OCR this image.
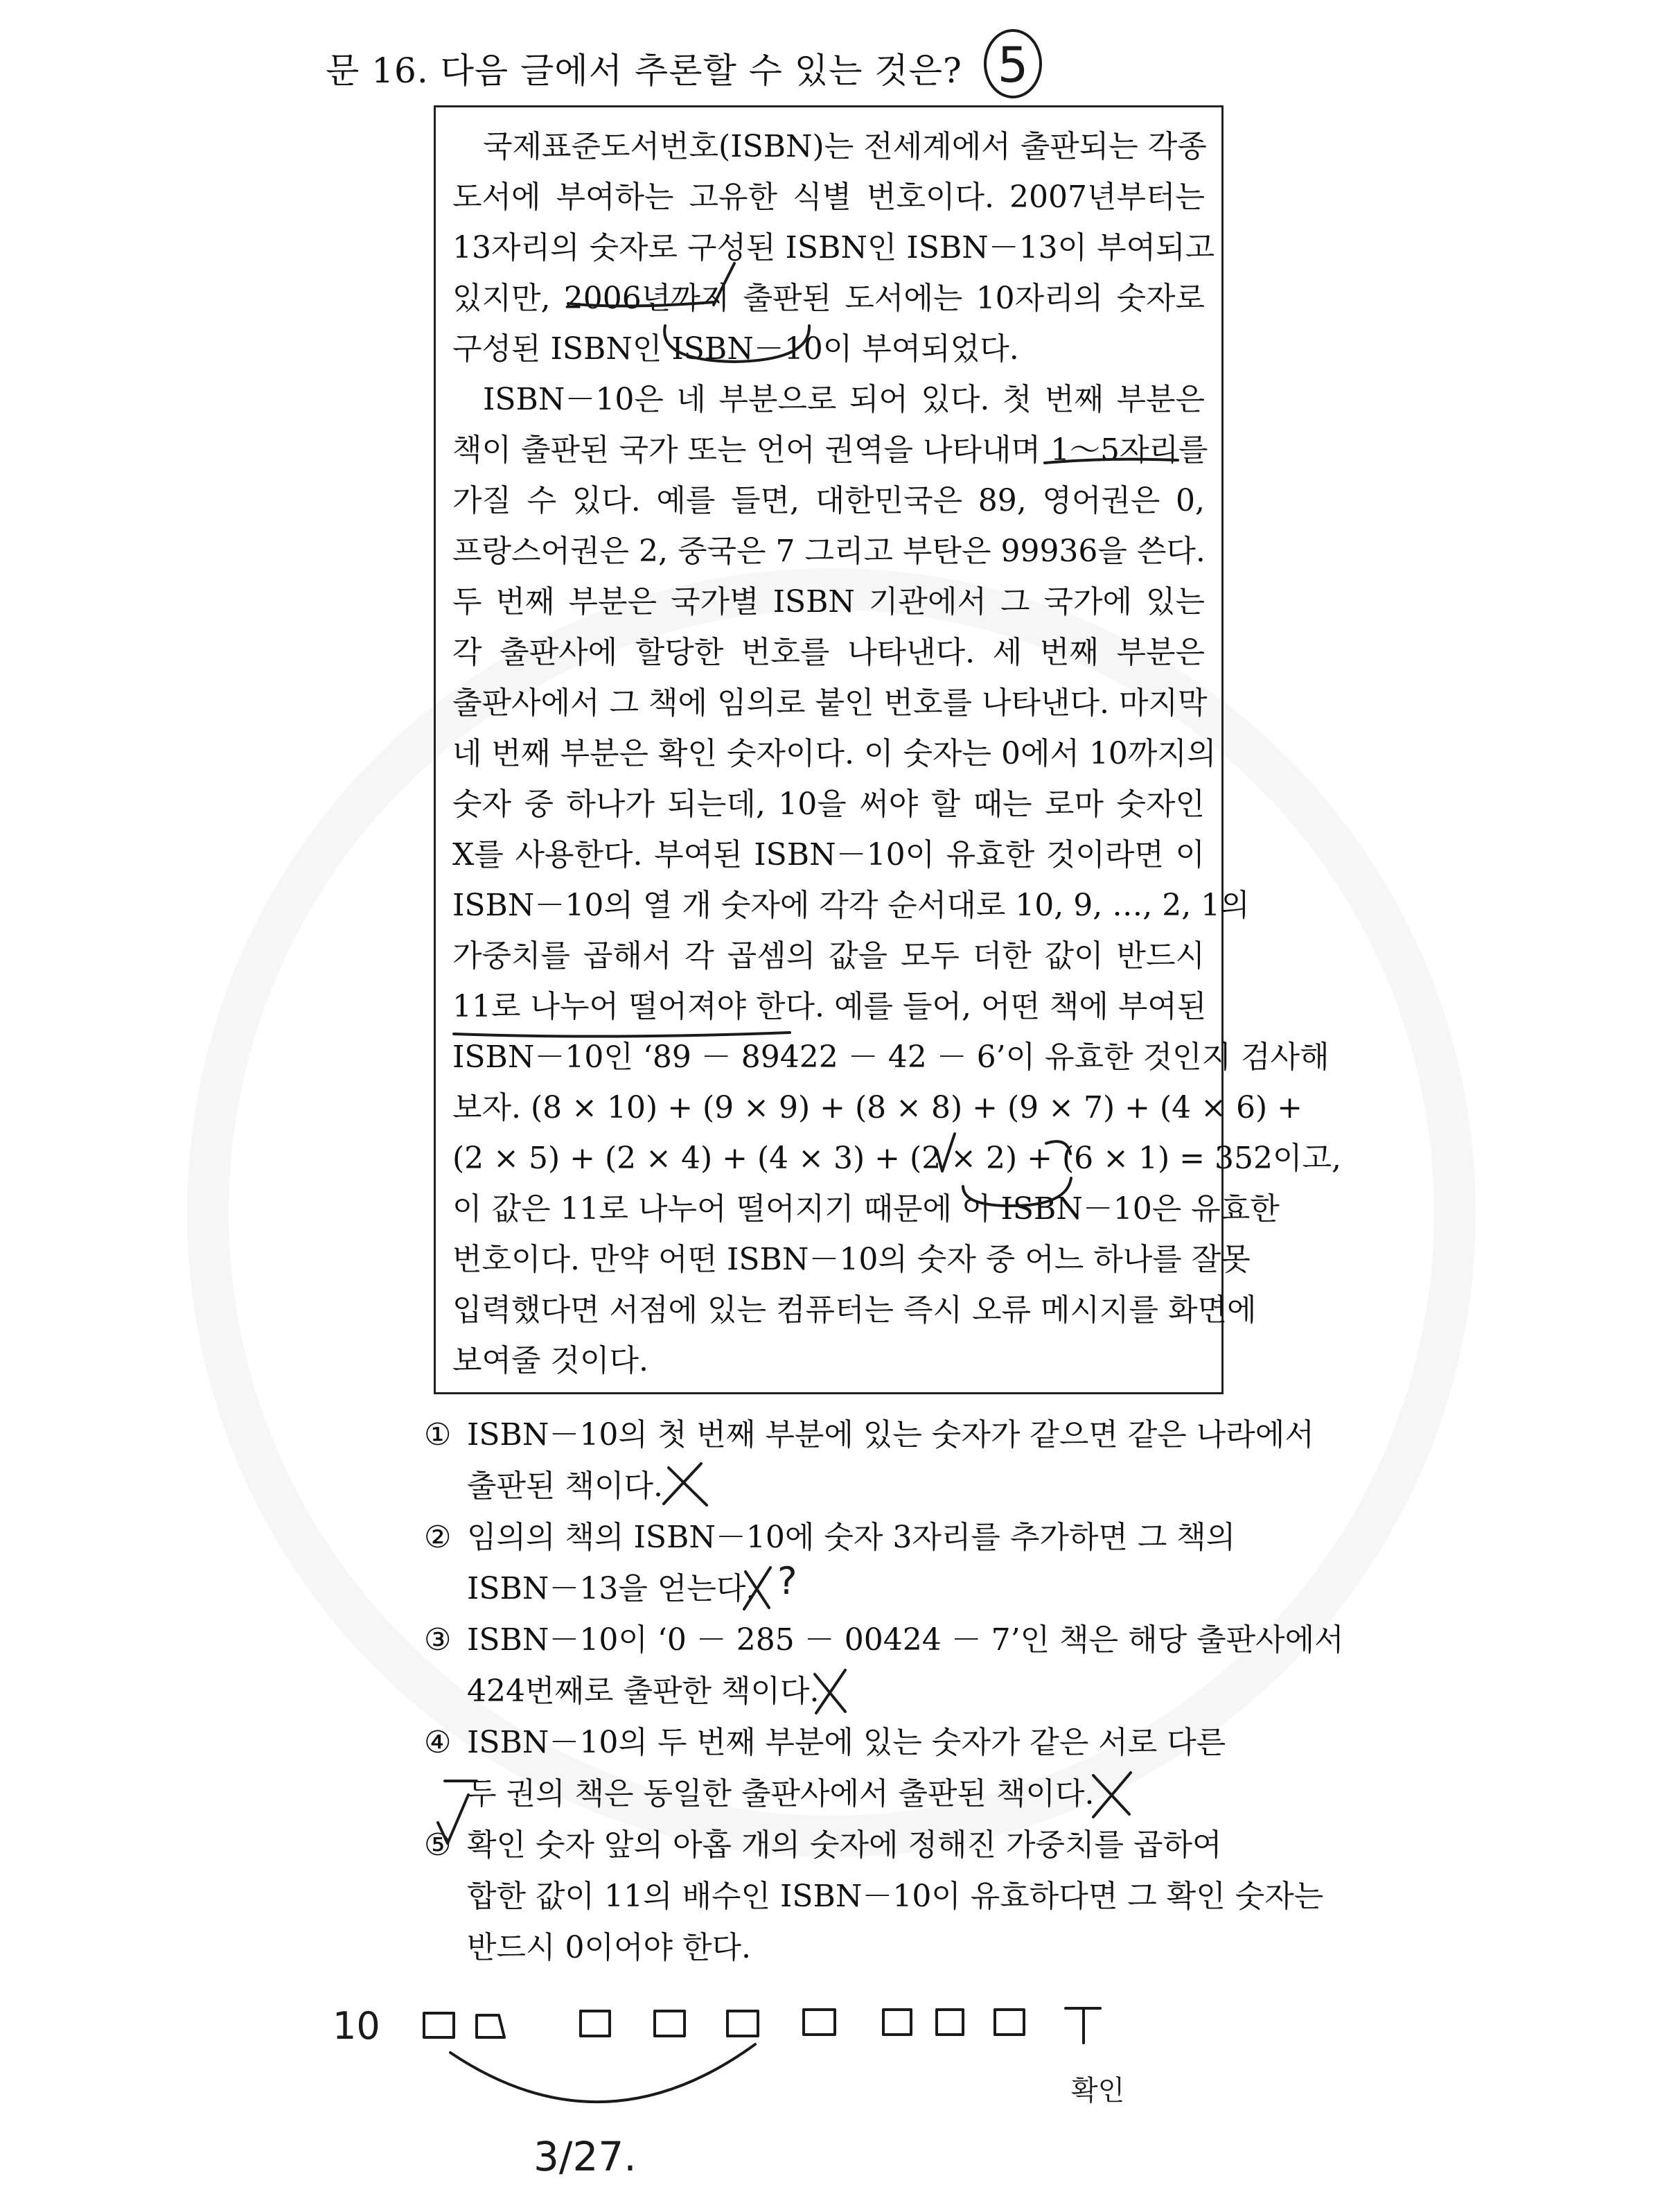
문 16. 다음 글에서 추론할 수 있는 것은?

국제표준도서번호(ISBN)는 전세계에서 출판되는 각종
도서에 부여하는 고유한 식별 번호이다. 2007년부터는
13자리의 숫자로 구성된 ISBN인 ISBN－13이 부여되고
있지만, 2006년까지 출판된 도서에는 10자리의 숫자로
구성된 ISBN인 ISBN－10이 부여되었다.

ISBN－10은 네 부분으로 되어 있다. 첫 번째 부분은
책이 출판된 국가 또는 언어 권역을 나타내며 1～5자리를
가질 수 있다. 예를 들면, 대한민국은 89, 영어권은 0,
프랑스어권은 2, 중국은 7 그리고 부탄은 99936을 쓴다.
두 번째 부분은 국가별 ISBN 기관에서 그 국가에 있는
각 출판사에 할당한 번호를 나타낸다. 세 번째 부분은
출판사에서 그 책에 임의로 붙인 번호를 나타낸다. 마지막
네 번째 부분은 확인 숫자이다. 이 숫자는 0에서 10까지의
숫자 중 하나가 되는데, 10을 써야 할 때는 로마 숫자인
X를 사용한다. 부여된 ISBN－10이 유효한 것이라면 이
ISBN－10의 열 개 숫자에 각각 순서대로 10, 9, …, 2, 1의
가중치를 곱해서 각 곱셈의 값을 모두 더한 값이 반드시
11로 나누어 떨어져야 한다. 예를 들어, 어떤 책에 부여된
ISBN－10인 ‘89 － 89422 － 42 － 6’이 유효한 것인지 검사해
보자. (8 × 10) + (9 × 9) + (8 × 8) + (9 × 7) + (4 × 6) +
(2 × 5) + (2 × 4) + (4 × 3) + (2 × 2) + (6 × 1) = 352이고,
이 값은 11로 나누어 떨어지기 때문에 이 ISBN－10은 유효한
번호이다. 만약 어떤 ISBN－10의 숫자 중 어느 하나를 잘못
입력했다면 서점에 있는 컴퓨터는 즉시 오류 메시지를 화면에
보여줄 것이다.

① ISBN－10의 첫 번째 부분에 있는 숫자가 같으면 같은 나라에서
출판된 책이다.
② 임의의 책의 ISBN－10에 숫자 3자리를 추가하면 그 책의
ISBN－13을 얻는다.
③ ISBN－10이 ‘0 － 285 － 00424 － 7’인 책은 해당 출판사에서
424번째로 출판한 책이다.
④ ISBN－10의 두 번째 부분에 있는 숫자가 같은 서로 다른
두 권의 책은 동일한 출판사에서 출판된 책이다.
⑤ 확인 숫자 앞의 아홉 개의 숫자에 정해진 가중치를 곱하여
합한 값이 11의 배수인 ISBN－10이 유효하다면 그 확인 숫자는
반드시 0이어야 한다.
5
?
10
3/27.
확인
